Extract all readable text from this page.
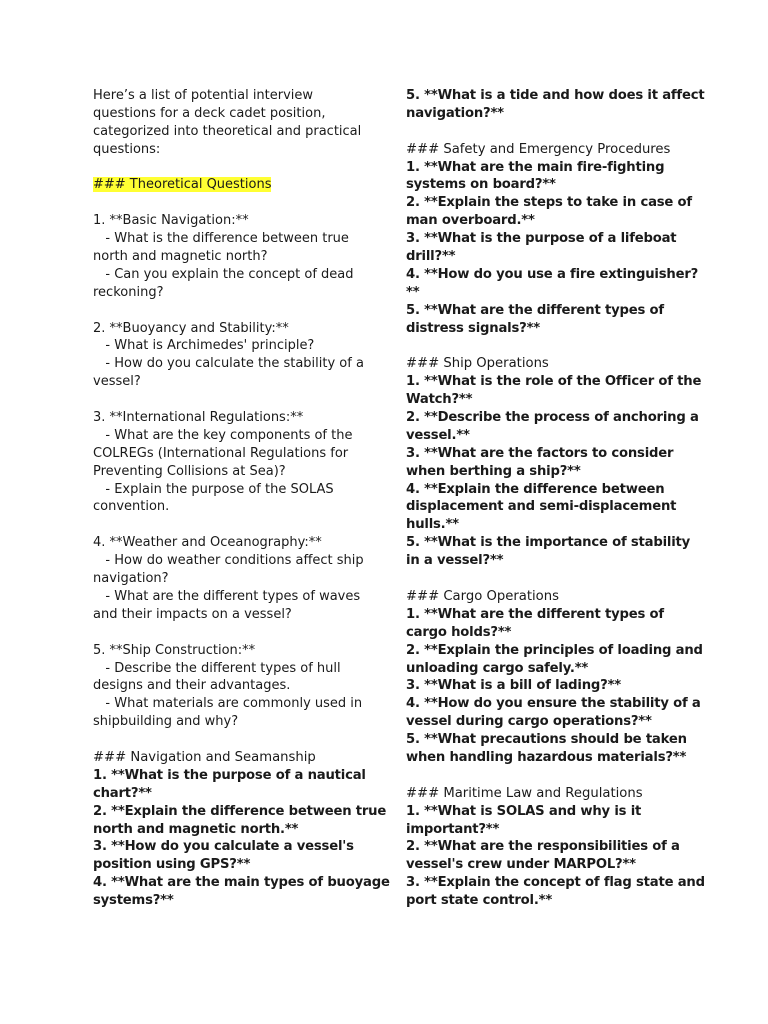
Here’s a list of potential interview
questions for a deck cadet position,
categorized into theoretical and practical
questions:
### Theoretical Questions
1. **Basic Navigation:**
- What is the difference between true
north and magnetic north?
- Can you explain the concept of dead
reckoning?
2. **Buoyancy and Stability:**
- What is Archimedes' principle?
- How do you calculate the stability of a
vessel?
3. **International Regulations:**
- What are the key components of the
COLREGs (International Regulations for
Preventing Collisions at Sea)?
- Explain the purpose of the SOLAS
convention.
4. **Weather and Oceanography:**
- How do weather conditions affect ship
navigation?
- What are the different types of waves
and their impacts on a vessel?
5. **Ship Construction:**
- Describe the different types of hull
designs and their advantages.
- What materials are commonly used in
shipbuilding and why?
### Navigation and Seamanship
1. **What is the purpose of a nautical
chart?**
2. **Explain the difference between true
north and magnetic north.**
3. **How do you calculate a vessel's
position using GPS?**
4. **What are the main types of buoyage
systems?**
5. **What is a tide and how does it affect
navigation?**
### Safety and Emergency Procedures
1. **What are the main fire-fighting
systems on board?**
2. **Explain the steps to take in case of
man overboard.**
3. **What is the purpose of a lifeboat
drill?**
4. **How do you use a fire extinguisher?
**
5. **What are the different types of
distress signals?**
### Ship Operations
1. **What is the role of the Officer of the
Watch?**
2. **Describe the process of anchoring a
vessel.**
3. **What are the factors to consider
when berthing a ship?**
4. **Explain the difference between
displacement and semi-displacement
hulls.**
5. **What is the importance of stability
in a vessel?**
### Cargo Operations
1. **What are the different types of
cargo holds?**
2. **Explain the principles of loading and
unloading cargo safely.**
3. **What is a bill of lading?**
4. **How do you ensure the stability of a
vessel during cargo operations?**
5. **What precautions should be taken
when handling hazardous materials?**
### Maritime Law and Regulations
1. **What is SOLAS and why is it
important?**
2. **What are the responsibilities of a
vessel's crew under MARPOL?**
3. **Explain the concept of flag state and
port state control.**
